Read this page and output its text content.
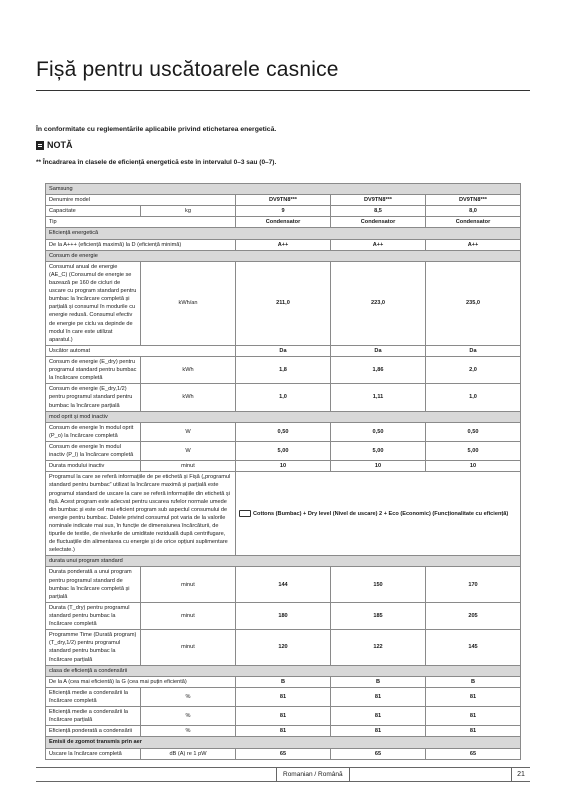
Fișă pentru uscătoarele casnice
În conformitate cu reglementările aplicabile privind etichetarea energetică.
NOTĂ
** Încadrarea în clasele de eficiență energetică este în intervalul 0–3 sau (0–7).
Samsung				
Denumire model		DV9TN8***	DV9TN8***	DV9TN8***
Capacitate	kg	9	8,5	8,0
Tip		Condensator	Condensator	Condensator
Eficiență energetică				
De la A+++ (eficiență maximă) la D (eficiență minimă)		A++	A++	A++
Consum de energie				
Consumul anual de energie (AE_C) (Consumul de energie se bazează pe 160 de cicluri de uscare cu program standard pentru bumbac la încărcare completă și parțială și consumul în modurile cu energie redusă. Consumul efectiv de energie pe ciclu va depinde de modul în care este utilizat aparatul.)	kWh/an	211,0	223,0	235,0
Uscător automat		Da	Da	Da
Consum de energie (E_dry) pentru programul standard pentru bumbac la încărcare completă	kWh	1,8	1,86	2,0
Consum de energie (E_dry,1/2) pentru programul standard pentru bumbac la încărcare parțială	kWh	1,0	1,11	1,0
mod oprit și mod inactiv				
Consum de energie în modul oprit (P_o) la încărcare completă	W	0,50	0,50	0,50
Consum de energie în modul inactiv (P_l) la încărcare completă	W	5,00	5,00	5,00
Durata modului inactiv	minut	10	10	10
Programul la care se referă informațiile de pe etichetă și Fișă („programul standard pentru bumbac” utilizat la încărcare maximă și parțială este programul standard de uscare la care se referă informațiile din etichetă și fișă. Acest program este adecvat pentru uscarea rufelor normale umede din bumbac și este cel mai eficient program sub aspectul consumului de energie pentru bumbac. Datele privind consumul pot varia de la valorile nominale indicate mai sus, în funcție de dimensiunea încărcăturii, de tipurile de textile, de nivelurile de umiditate reziduală după centrifugare, de fluctuațiile din alimentarea cu energie și de orice opțiuni suplimentare selectate.)		Cottons (Bumbac) + Dry level (Nivel de uscare) 2 + Eco (Economic) (Funcționalitate cu eficiență)		
durata unui program standard				
Durata ponderată a unui program pentru programul standard de bumbac la încărcare completă și parțială	minut	144	150	170
Durata (T_dry) pentru programul standard pentru bumbac la încărcare completă	minut	180	185	205
Programme Time (Durată program) (T_dry,1/2) pentru programul standard pentru bumbac la încărcare parțială	minut	120	122	145
clasa de eficiență a condensării				
De la A (cea mai eficientă) la G (cea mai puțin eficientă)		B	B	B
Eficiență medie a condensării la încărcare completă	%	81	81	81
Eficiență medie a condensării la încărcare parțială	%	81	81	81
Eficiență ponderată a condensării	%	81	81	81
Emisii de zgomot transmis prin aer				
Uscare la încărcare completă	dB (A) re 1 pW	65	65	65
Romanian / Română	21
